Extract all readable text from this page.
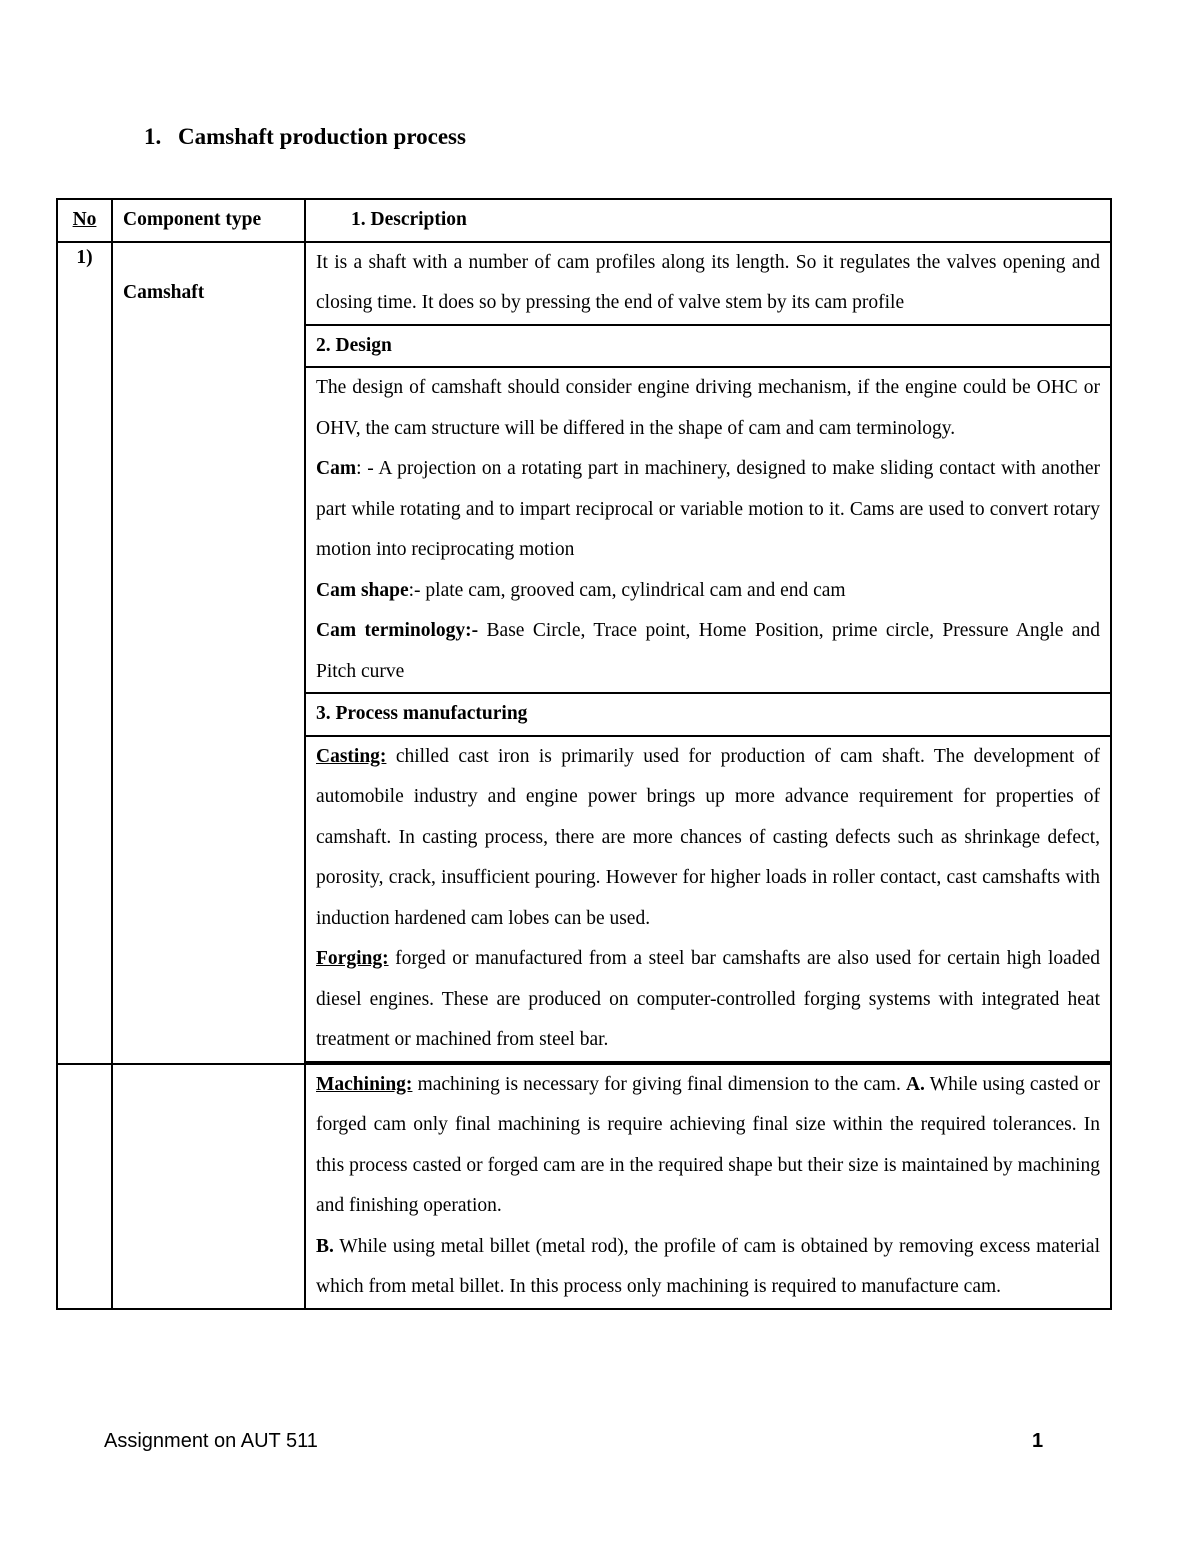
1. Camshaft production process
No	Component type	1. Description
1)	Camshaft	It is a shaft with a number of cam profiles along its length. So it regulates the valves opening and closing time. It does so by pressing the end of valve stem by its cam profile
		2. Design

		The design of camshaft should consider engine driving mechanism, if the engine could be OHC or OHV, the cam structure will be differed in the shape of cam and cam terminology.

Cam: - A projection on a rotating part in machinery, designed to make sliding contact with another part while rotating and to impart reciprocal or variable motion to it. Cams are used to convert rotary motion into reciprocating motion

Cam shape:- plate cam, grooved cam, cylindrical cam and end cam

Cam terminology:- Base Circle, Trace point, Home Position, prime circle, Pressure Angle and Pitch curve

		3. Process manufacturing

		Casting: chilled cast iron is primarily used for production of cam shaft. The development of automobile industry and engine power brings up more advance requirement for properties of camshaft. In casting process, there are more chances of casting defects such as shrinkage defect, porosity, crack, insufficient pouring. However for higher loads in roller contact, cast camshafts with induction hardened cam lobes can be used.

Forging: forged or manufactured from a steel bar camshafts are also used for certain high loaded diesel engines. These are produced on computer-controlled forging systems with integrated heat treatment or machined from steel bar.

		Machining: machining is necessary for giving final dimension to the cam. A. While using casted or forged cam only final machining is require achieving final size within the required tolerances. In this process casted or forged cam are in the required shape but their size is maintained by machining and finishing operation.

B. While using metal billet (metal rod), the profile of cam is obtained by removing excess material which from metal billet. In this process only machining is required to manufacture cam.

Assignment on AUT 511	1
